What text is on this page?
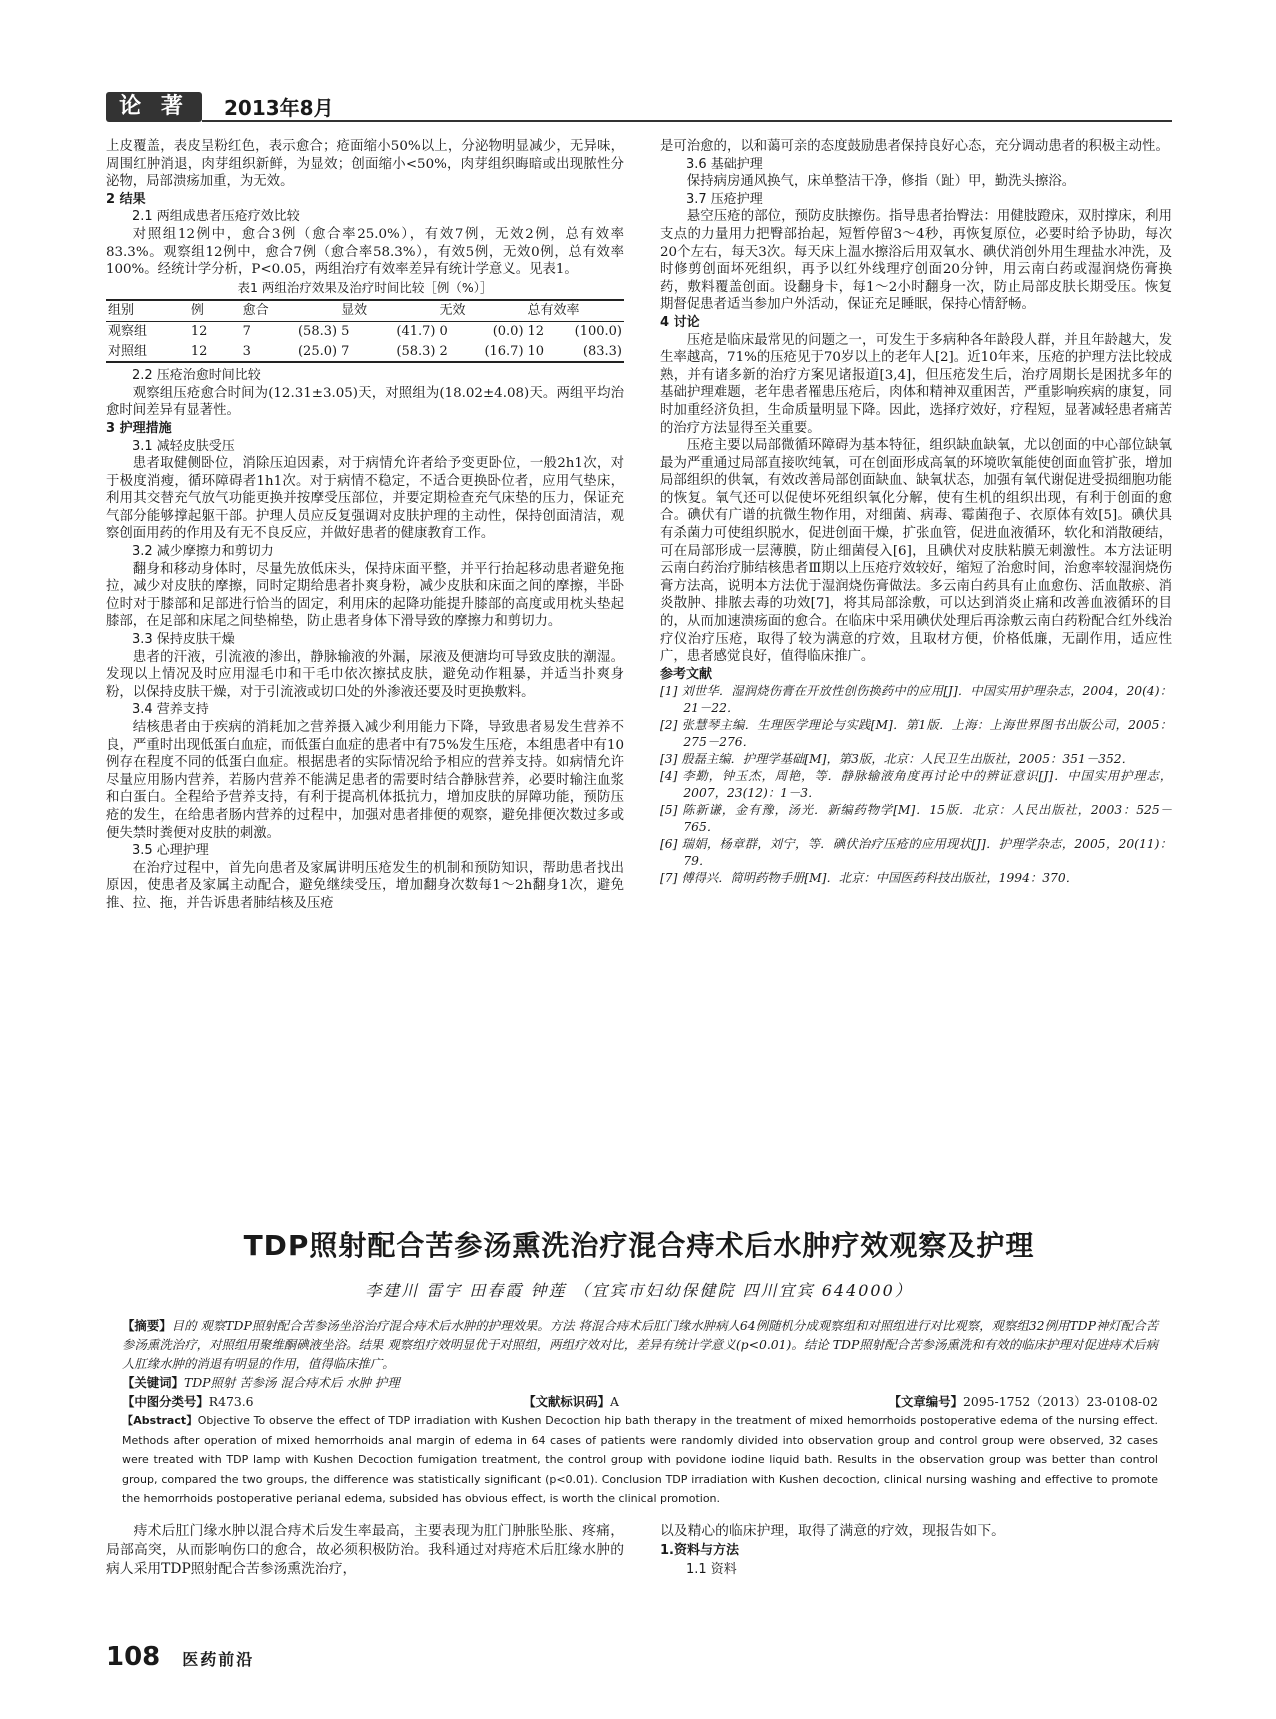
论 著	2013年8月

上皮覆盖，表皮呈粉红色，表示愈合；疮面缩小50%以上，分泌物明显减少，无异味，周围红肿消退，肉芽组织新鲜，为显效；创面缩小<50%，肉芽组织晦暗或出现脓性分泌物，局部溃疡加重，为无效。

2 结果

2.1 两组成患者压疮疗效比较

对照组12例中，愈合3例（愈合率25.0%），有效7例，无效2例，总有效率83.3%。观察组12例中，愈合7例（愈合率58.3%），有效5例，无效0例，总有效率100%。经统计学分析，P<0.05，两组治疗有效率差异有统计学意义。见表1。

表1 两组治疗效果及治疗时间比较［例（%）］

组别	例	愈合	显效	无效	总有效率
观察组	12	7 (58.3)	5 (41.7)	0 (0.0)	12 (100.0)

对照组	12	3 (25.0)	7 (58.3)	2 (16.7)	10 (83.3)

2.2 压疮治愈时间比较

观察组压疮愈合时间为(12.31±3.05)天，对照组为(18.02±4.08)天。两组平均治愈时间差异有显著性。

3 护理措施

3.1 减轻皮肤受压

患者取健侧卧位，消除压迫因素，对于病情允许者给予变更卧位，一般2h1次，对于极度消瘦，循环障碍者1h1次。对于病情不稳定，不适合更换卧位者，应用气垫床，利用其交替充气放气功能更换并按摩受压部位，并要定期检查充气床垫的压力，保证充气部分能够撑起躯干部。护理人员应反复强调对皮肤护理的主动性，保持创面清洁，观察创面用药的作用及有无不良反应，并做好患者的健康教育工作。

3.2 减少摩擦力和剪切力

翻身和移动身体时，尽量先放低床头，保持床面平整，并平行抬起移动患者避免拖拉，减少对皮肤的摩擦，同时定期给患者扑爽身粉，减少皮肤和床面之间的摩擦，半卧位时对于膝部和足部进行恰当的固定，利用床的起降功能提升膝部的高度或用枕头垫起膝部，在足部和床尾之间垫棉垫，防止患者身体下滑导致的摩擦力和剪切力。

3.3 保持皮肤干燥

患者的汗液，引流液的渗出，静脉输液的外漏，尿液及便溏均可导致皮肤的潮湿。发现以上情况及时应用湿毛巾和干毛巾依次擦拭皮肤，避免动作粗暴，并适当扑爽身粉，以保持皮肤干燥，对于引流液或切口处的外渗液还要及时更换敷料。

3.4 营养支持

结核患者由于疾病的消耗加之营养摄入减少利用能力下降，导致患者易发生营养不良，严重时出现低蛋白血症，而低蛋白血症的患者中有75%发生压疮，本组患者中有10例存在程度不同的低蛋白血症。根据患者的实际情况给予相应的营养支持。如病情允许尽量应用肠内营养，若肠内营养不能满足患者的需要时结合静脉营养，必要时输注血浆和白蛋白。全程给予营养支持，有利于提高机体抵抗力，增加皮肤的屏障功能，预防压疮的发生，在给患者肠内营养的过程中，加强对患者排便的观察，避免排便次数过多或便失禁时粪便对皮肤的刺激。

3.5 心理护理

在治疗过程中，首先向患者及家属讲明压疮发生的机制和预防知识，帮助患者找出原因，使患者及家属主动配合，避免继续受压，增加翻身次数每1～2h翻身1次，避免推、拉、拖，并告诉患者肺结核及压疮

是可治愈的，以和蔼可亲的态度鼓励患者保持良好心态，充分调动患者的积极主动性。

3.6 基础护理

保持病房通风换气，床单整洁干净，修指（趾）甲，勤洗头擦浴。

3.7 压疮护理

悬空压疮的部位，预防皮肤擦伤。指导患者抬臀法：用健肢蹬床，双肘撑床，利用支点的力量用力把臀部抬起，短暂停留3～4秒，再恢复原位，必要时给予协助，每次20个左右，每天3次。每天床上温水擦浴后用双氧水、碘伏消创外用生理盐水冲洗，及时修剪创面坏死组织，再予以红外线理疗创面20分钟，用云南白药或湿润烧伤膏换药，敷料覆盖创面。设翻身卡，每1～2小时翻身一次，防止局部皮肤长期受压。恢复期督促患者适当参加户外活动，保证充足睡眠，保持心情舒畅。

4 讨论

压疮是临床最常见的问题之一，可发生于多病种各年龄段人群，并且年龄越大，发生率越高，71%的压疮见于70岁以上的老年人[2]。近10年来，压疮的护理方法比较成熟，并有诸多新的治疗方案见诸报道[3,4]，但压疮发生后，治疗周期长是困扰多年的基础护理难题，老年患者罹患压疮后，肉体和精神双重困苦，严重影响疾病的康复，同时加重经济负担，生命质量明显下降。因此，选择疗效好，疗程短，显著减轻患者痛苦的治疗方法显得至关重要。

压疮主要以局部微循环障碍为基本特征，组织缺血缺氧，尤以创面的中心部位缺氧最为严重通过局部直接吹纯氧，可在创面形成高氧的环境吹氧能使创面血管扩张，增加局部组织的供氧，有效改善局部创面缺血、缺氧状态，加强有氧代谢促进受损细胞功能的恢复。氧气还可以促使坏死组织氧化分解，使有生机的组织出现，有利于创面的愈合。碘伏有广谱的抗微生物作用，对细菌、病毒、霉菌孢子、衣原体有效[5]。碘伏具有杀菌力可使组织脱水，促进创面干燥，扩张血管，促进血液循环，软化和消散硬结，可在局部形成一层薄膜，防止细菌侵入[6]，且碘伏对皮肤粘膜无刺激性。本方法证明云南白药治疗肺结核患者Ⅲ期以上压疮疗效较好，缩短了治愈时间，治愈率较湿润烧伤膏方法高，说明本方法优于湿润烧伤膏做法。多云南白药具有止血愈伤、活血散瘀、消炎散肿、排脓去毒的功效[7]，将其局部涂敷，可以达到消炎止痛和改善血液循环的目的，从而加速溃疡面的愈合。在临床中采用碘伏处理后再涂敷云南白药粉配合红外线治疗仪治疗压疮，取得了较为满意的疗效，且取材方便，价格低廉，无副作用，适应性广，患者感觉良好，值得临床推广。

参考文献

[1] 刘世华．湿润烧伤膏在开放性创伤换药中的应用[J]．中国实用护理杂志，2004，20(4)：21－22．

[2] 张慧琴主编．生理医学理论与实践[M]．第1版．上海：上海世界图书出版公司，2005：275－276．

[3] 殷磊主编．护理学基础[M]，第3版，北京：人民卫生出版社，2005：351－352．

[4] 李勤，钟玉杰，周艳，等．静脉输液角度再讨论中的辨证意识[J]．中国实用护理志，2007，23(12)：1－3．

[5] 陈新谦，金有豫，汤光．新编药物学[M]．15版．北京：人民出版社，2003：525－765．

[6] 瑞娟，杨章群，刘宁，等．碘伏治疗压疮的应用现状[J]．护理学杂志，2005，20(11)：79．

[7] 傅得兴．简明药物手册[M]．北京：中国医药科技出版社，1994：370．

TDP照射配合苦参汤熏洗治疗混合痔术后水肿疗效观察及护理
李建川 雷宇 田春霞 钟莲 （宜宾市妇幼保健院 四川宜宾 644000）

【摘要】目的 观察TDP照射配合苦参汤坐浴治疗混合痔术后水肿的护理效果。方法 将混合痔术后肛门缘水肿病人64例随机分成观察组和对照组进行对比观察，观察组32例用TDP神灯配合苦参汤熏洗治疗，对照组用聚维酮碘液坐浴。结果 观察组疗效明显优于对照组，两组疗效对比，差异有统计学意义(p<0.01)。结论 TDP照射配合苦参汤熏洗和有效的临床护理对促进痔术后病人肛缘水肿的消退有明显的作用，值得临床推广。

【关键词】TDP照射 苦参汤 混合痔术后 水肿 护理

【中图分类号】R473.6	【文献标识码】A	【文章编号】2095-1752（2013）23-0108-02

【Abstract】Objective To observe the effect of TDP irradiation with Kushen Decoction hip bath therapy in the treatment of mixed hemorrhoids postoperative edema of the nursing effect. Methods after operation of mixed hemorrhoids anal margin of edema in 64 cases of patients were randomly divided into observation group and control group were observed, 32 cases were treated with TDP lamp with Kushen Decoction fumigation treatment, the control group with povidone iodine liquid bath. Results in the observation group was better than control group, compared the two groups, the difference was statistically significant (p<0.01). Conclusion TDP irradiation with Kushen decoction, clinical nursing washing and effective to promote the hemorrhoids postoperative perianal edema, subsided has obvious effect, is worth the clinical promotion.

痔术后肛门缘水肿以混合痔术后发生率最高，主要表现为肛门肿胀坠胀、疼痛，局部高突，从而影响伤口的愈合，故必须积极防治。我科通过对痔疮术后肛缘水肿的病人采用TDP照射配合苦参汤熏洗治疗，

以及精心的临床护理，取得了满意的疗效，现报告如下。

1.资料与方法

1.1 资料

108 医药前沿
